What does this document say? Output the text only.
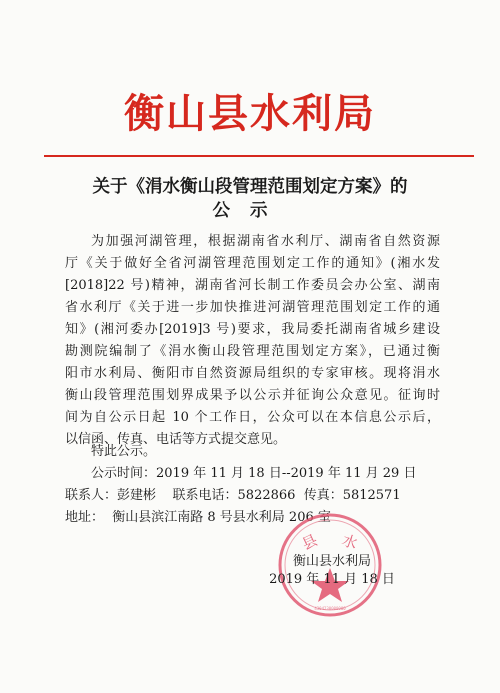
衡山县水利局
关于《涓水衡山段管理范围划定方案》的
公示
为加强河湖管理，根据湖南省水利厅、湖南省自然资源
厅《关于做好全省河湖管理范围划定工作的通知》(湘水发
[2018]22 号)精神，湖南省河长制工作委员会办公室、湖南
省水利厅《关于进一步加快推进河湖管理范围划定工作的通
知》(湘河委办[2019]3 号)要求，我局委托湖南省城乡建设
勘测院编制了《涓水衡山段管理范围划定方案》，已通过衡
阳市水利局、衡阳市自然资源局组织的专家审核。现将涓水
衡山段管理范围划界成果予以公示并征询公众意见。征询时
间为自公示日起 10 个工作日，公众可以在本信息公示后，
以信函、传真、电话等方式提交意见。
特此公示。
公示时间：2019 年 11 月 18 日--2019 年 11 月 29 日
联系人：彭建彬    联系电话：5822866  传真：5812571
地址：  衡山县滨江南路 8 号县水利局 206 室
县 水
4304230000000
衡山县水利局
2019 年 11 月 18 日
